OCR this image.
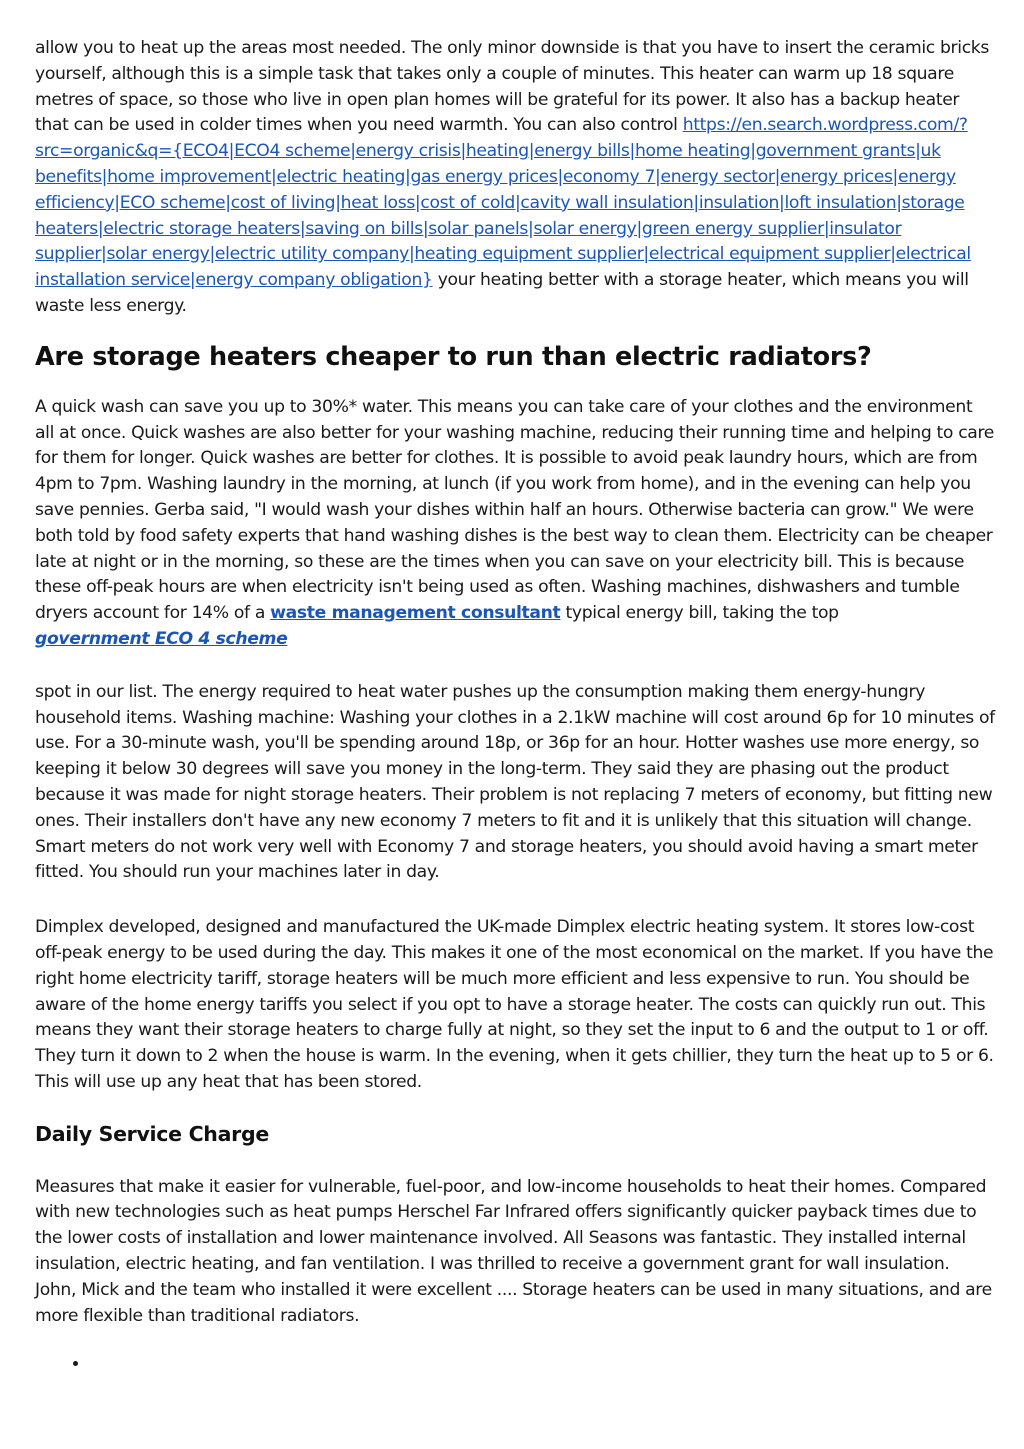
allow you to heat up the areas most needed. The only minor downside is that you have to insert the ceramic bricks yourself, although this is a simple task that takes only a couple of minutes. This heater can warm up 18 square metres of space, so those who live in open plan homes will be grateful for its power. It also has a backup heater that can be used in colder times when you need warmth. You can also control https://en.search.wordpress.com/?src=organic&q={ECO4|ECO4 scheme|energy crisis|heating|energy bills|home heating|government grants|uk benefits|home improvement|electric heating|gas energy prices|economy 7|energy sector|energy prices|energy efficiency|ECO scheme|cost of living|heat loss|cost of cold|cavity wall insulation|insulation|loft insulation|storage heaters|electric storage heaters|saving on bills|solar panels|solar energy|green energy supplier|insulator supplier|solar energy|electric utility company|heating equipment supplier|electrical equipment supplier|electrical installation service|energy company obligation} your heating better with a storage heater, which means you will waste less energy.

Are storage heaters cheaper to run than electric radiators?

A quick wash can save you up to 30%* water. This means you can take care of your clothes and the environment all at once. Quick washes are also better for your washing machine, reducing their running time and helping to care for them for longer. Quick washes are better for clothes. It is possible to avoid peak laundry hours, which are from 4pm to 7pm. Washing laundry in the morning, at lunch (if you work from home), and in the evening can help you save pennies. Gerba said, "I would wash your dishes within half an hours. Otherwise bacteria can grow." We were both told by food safety experts that hand washing dishes is the best way to clean them. Electricity can be cheaper late at night or in the morning, so these are the times when you can save on your electricity bill. This is because these off-peak hours are when electricity isn't being used as often. Washing machines, dishwashers and tumble dryers account for 14% of a waste management consultant typical energy bill, taking the top
government ECO 4 scheme

spot in our list. The energy required to heat water pushes up the consumption making them energy-hungry household items. Washing machine: Washing your clothes in a 2.1kW machine will cost around 6p for 10 minutes of use. For a 30-minute wash, you'll be spending around 18p, or 36p for an hour. Hotter washes use more energy, so keeping it below 30 degrees will save you money in the long-term. They said they are phasing out the product because it was made for night storage heaters. Their problem is not replacing 7 meters of economy, but fitting new ones. Their installers don't have any new economy 7 meters to fit and it is unlikely that this situation will change. Smart meters do not work very well with Economy 7 and storage heaters, you should avoid having a smart meter fitted. You should run your machines later in day.

Dimplex developed, designed and manufactured the UK-made Dimplex electric heating system. It stores low-cost off-peak energy to be used during the day. This makes it one of the most economical on the market. If you have the right home electricity tariff, storage heaters will be much more efficient and less expensive to run. You should be aware of the home energy tariffs you select if you opt to have a storage heater. The costs can quickly run out. This means they want their storage heaters to charge fully at night, so they set the input to 6 and the output to 1 or off. They turn it down to 2 when the house is warm. In the evening, when it gets chillier, they turn the heat up to 5 or 6. This will use up any heat that has been stored.

Daily Service Charge

Measures that make it easier for vulnerable, fuel-poor, and low-income households to heat their homes. Compared with new technologies such as heat pumps Herschel Far Infrared offers significantly quicker payback times due to the lower costs of installation and lower maintenance involved. All Seasons was fantastic. They installed internal insulation, electric heating, and fan ventilation. I was thrilled to receive a government grant for wall insulation. John, Mick and the team who installed it were excellent .... Storage heaters can be used in many situations, and are more flexible than traditional radiators.

•
